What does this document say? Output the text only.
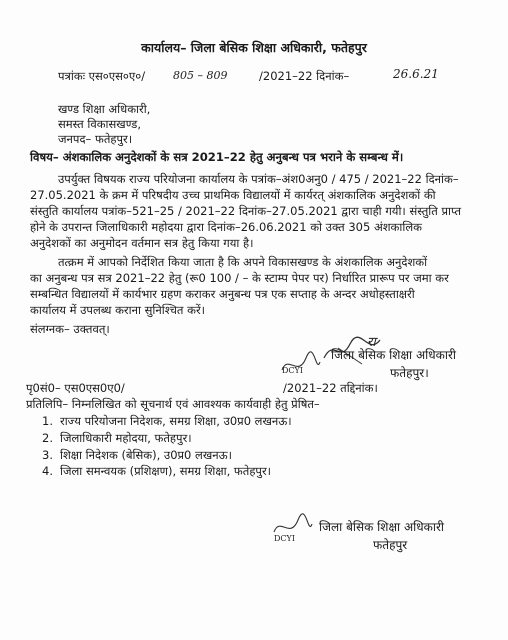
कार्यालय– जिला बेसिक शिक्षा अधिकारी, फतेहपुर
पत्रांकः एस०एस०ए०/	805 – 809	/2021–22 दिनांक–	26.6.21
खण्ड शिक्षा अधिकारी,
समस्त विकासखण्ड,
जनपद– फतेहपुर।
विषय– अंशकालिक अनुदेशकों के सत्र 2021–22 हेतु अनुबन्ध पत्र भराने के सम्बन्ध में।
उपर्युक्त विषयक राज्य परियोजना कार्यालय के पत्रांक–अंश0अनु0 / 475 / 2021–22 दिनांक–
27.05.2021 के क्रम में परिषदीय उच्च प्राथमिक विद्यालयों में कार्यरत् अंशकालिक अनुदेशकों की
संस्तुति कार्यालय पत्रांक–521–25 / 2021–22 दिनांक–27.05.2021 द्वारा चाही गयी। संस्तुति प्राप्त
होने के उपरान्त जिलाधिकारी महोदया द्वारा दिनांक–26.06.2021 को उक्त 305 अंशकालिक
अनुदेशकों का अनुमोदन वर्तमान सत्र हेतु किया गया है।
तत्क्रम में आपको निर्देशित किया जाता है कि अपने विकासखण्ड के अंशकालिक अनुदेशकों
का अनुबन्ध पत्र सत्र 2021–22 हेतु (रू0 100 / – के स्टाम्प पेपर पर) निर्धारित प्रारूप पर जमा कर
सम्बन्धित विद्यालयों में कार्यभार ग्रहण कराकर अनुबन्ध पत्र एक सप्ताह के अन्दर अधोहस्ताक्षरी
कार्यालय में उपलब्ध कराना सुनिश्चित करें।
संलग्नक– उक्तवत्।
रा
DCYI
जिला बेसिक शिक्षा अधिकारी
फतेहपुर।
पृ0सं0– एस0एस0ए0/	/2021–22 तद्दिनांक।
प्रतिलिपि– निम्नलिखित को सूचनार्थ एवं आवश्यक कार्यवाही हेतु प्रेषित–
1. राज्य परियोजना निदेशक, समग्र शिक्षा, उ0प्र0 लखनऊ।
2. जिलाधिकारी महोदया, फतेहपुर।
3. शिक्षा निदेशक (बेसिक), उ0प्र0 लखनऊ।
4. जिला समन्वयक (प्रशिक्षण), समग्र शिक्षा, फतेहपुर।
DCYI
जिला बेसिक शिक्षा अधिकारी
फतेहपुर
